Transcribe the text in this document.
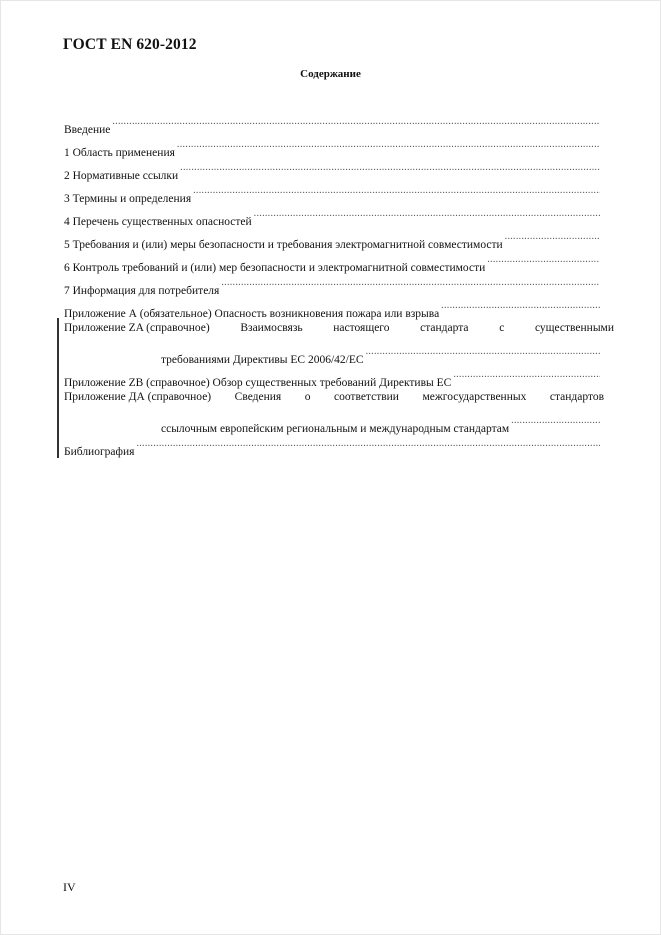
ГОСТ EN 620-2012
Содержание
Введение
.....
1 Область применения
.....
2 Нормативные ссылки
.....
3 Термины и определения
.....
4 Перечень существенных опасностей
.....
5 Требования и (или) меры безопасности и требования электромагнитной совместимости
.....
6 Контроль требований и (или) мер безопасности и электромагнитной совместимости
.....
7 Информация для потребителя
.....
Приложение А (обязательное) Опасность возникновения пожара или взрыва
.....
Приложение ZA (справочное)	Взаимосвязь	настоящего	стандарта	с	существенными
требованиями Директивы ЕС 2006/42/ЕС
.....
Приложение ZB (справочное) Обзор существенных требований Директивы ЕС
.....
Приложение ДА (справочное) Сведения о соответствии межгосударственных стандартов
ссылочным европейским региональным и международным стандартам
.....
Библиография
.....
IV
